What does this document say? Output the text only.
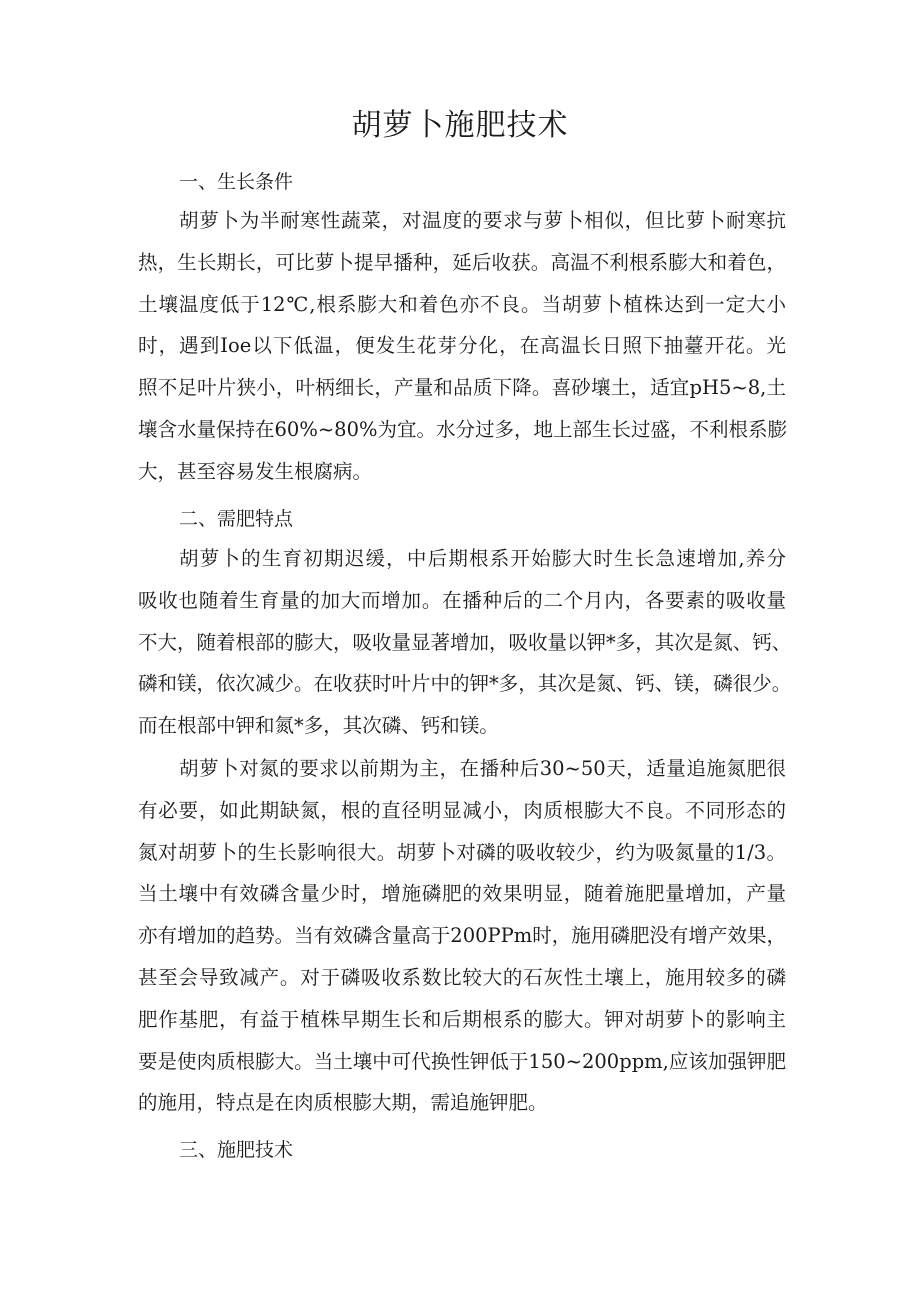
胡萝卜施肥技术
一、生长条件
胡萝卜为半耐寒性蔬菜，对温度的要求与萝卜相似，但比萝卜耐寒抗
热，生长期长，可比萝卜提早播种，延后收获。高温不利根系膨大和着色，
土壤温度低于12℃,根系膨大和着色亦不良。当胡萝卜植株达到一定大小
时，遇到Ioe以下低温，便发生花芽分化，在高温长日照下抽薹开花。光
照不足叶片狭小，叶柄细长，产量和品质下降。喜砂壤土，适宜pH5~8,土
壤含水量保持在60%~80%为宜。水分过多，地上部生长过盛，不利根系膨
大，甚至容易发生根腐病。
二、需肥特点
胡萝卜的生育初期迟缓，中后期根系开始膨大时生长急速增加,养分
吸收也随着生育量的加大而增加。在播种后的二个月内，各要素的吸收量
不大，随着根部的膨大，吸收量显著增加，吸收量以钾*多，其次是氮、钙、
磷和镁，依次减少。在收获时叶片中的钾*多，其次是氮、钙、镁，磷很少。
而在根部中钾和氮*多，其次磷、钙和镁。
胡萝卜对氮的要求以前期为主，在播种后30~50天，适量追施氮肥很
有必要，如此期缺氮，根的直径明显减小，肉质根膨大不良。不同形态的
氮对胡萝卜的生长影响很大。胡萝卜对磷的吸收较少，约为吸氮量的1/3。
当土壤中有效磷含量少时，增施磷肥的效果明显，随着施肥量增加，产量
亦有增加的趋势。当有效磷含量高于200PPm时，施用磷肥没有增产效果，
甚至会导致减产。对于磷吸收系数比较大的石灰性土壤上，施用较多的磷
肥作基肥，有益于植株早期生长和后期根系的膨大。钾对胡萝卜的影响主
要是使肉质根膨大。当土壤中可代换性钾低于150~200ppm,应该加强钾肥
的施用，特点是在肉质根膨大期，需追施钾肥。
三、施肥技术
